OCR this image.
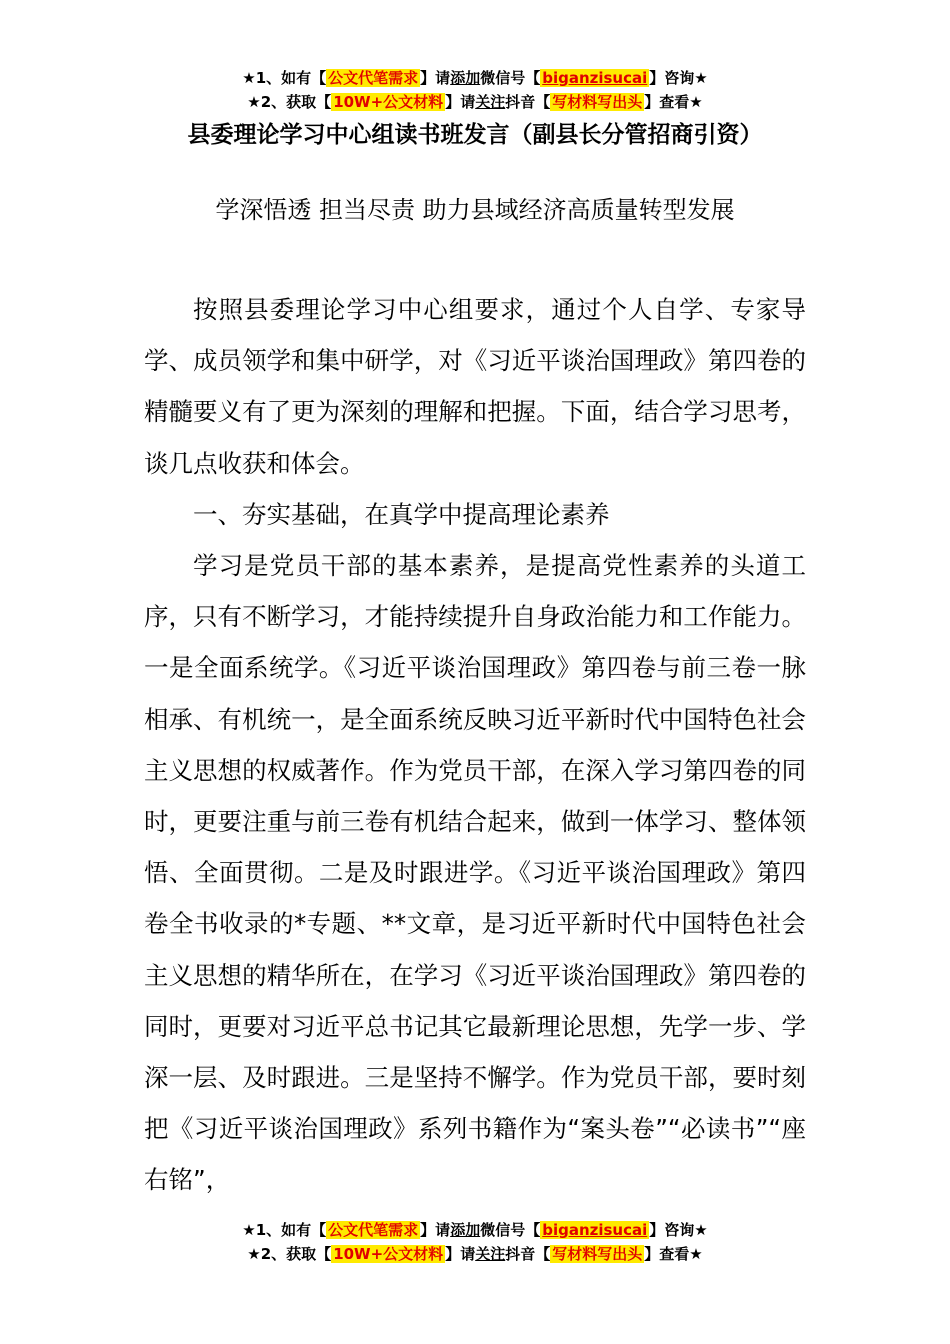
★1、如有【 公文代笔需求 】请添加微信号【 biganzisucai 】咨询★
★2、获取【 10W+公文材料 】请关注抖音【 写材料写出头 】查看★
县委理论学习中心组读书班发言（副县长分管招商引资）
学深悟透 担当尽责 助力县域经济高质量转型发展

按照县委理论学习中心组要求，通过个人自学、专家导学、成员领学和集中研学，对《习近平谈治国理政》第四卷的精髓要义有了更为深刻的理解和把握。下面，结合学习思考，谈几点收获和体会。

一、夯实基础，在真学中提高理论素养

学习是党员干部的基本素养，是提高党性素养的头道工序，只有不断学习，才能持续提升自身政治能力和工作能力。一是全面系统学。《习近平谈治国理政》第四卷与前三卷一脉相承、有机统一，是全面系统反映习近平新时代中国特色社会主义思想的权威著作。作为党员干部，在深入学习第四卷的同时，更要注重与前三卷有机结合起来，做到一体学习、整体领悟、全面贯彻。二是及时跟进学。《习近平谈治国理政》第四卷全书收录的*专题、**文章，是习近平新时代中国特色社会主义思想的精华所在，在学习《习近平谈治国理政》第四卷的同时，更要对习近平总书记其它最新理论思想，先学一步、学深一层、及时跟进。三是坚持不懈学。作为党员干部，要时刻把《习近平谈治国理政》系列书籍作为“案头卷”“必读书”“座右铭”，

★1、如有【 公文代笔需求 】请添加微信号【 biganzisucai 】咨询★
★2、获取【 10W+公文材料 】请关注抖音【 写材料写出头 】查看★
